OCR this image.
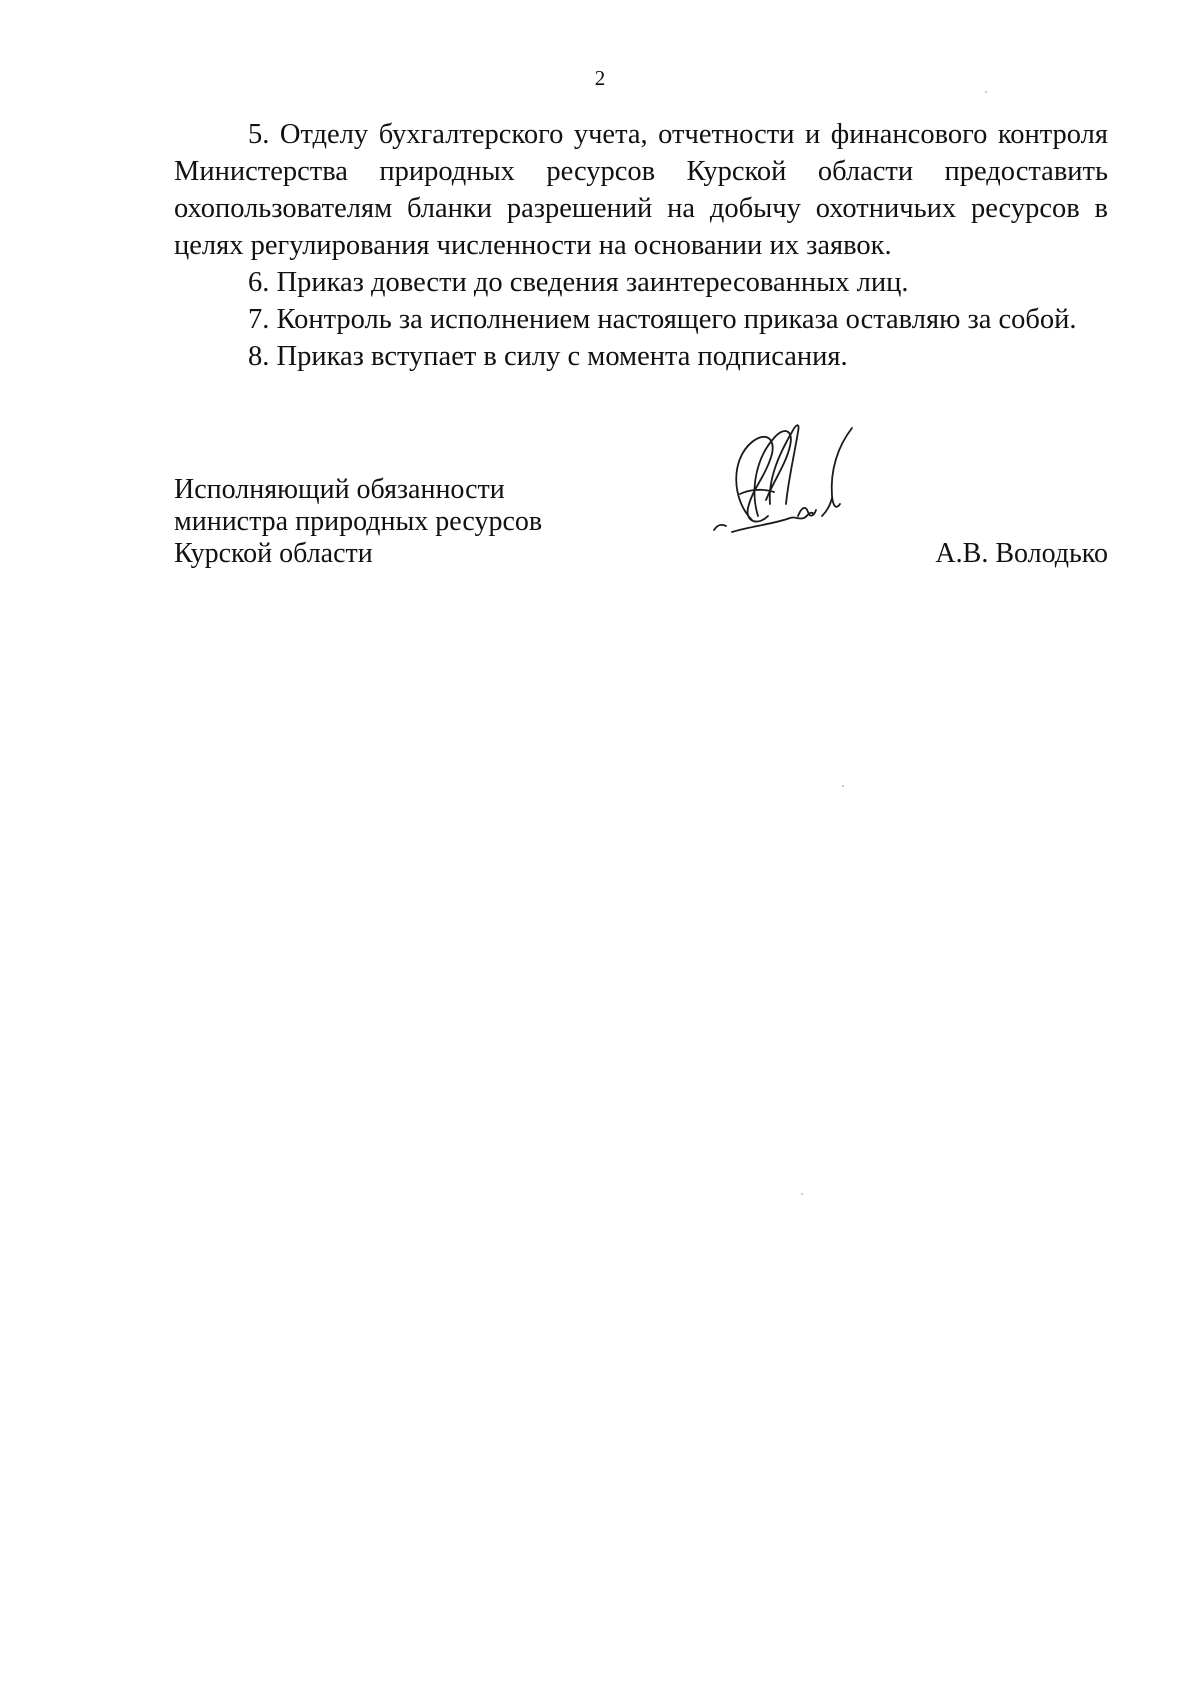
2

5. Отделу бухгалтерского учета, отчетности и финансового контроля Министерства природных ресурсов Курской области предоставить охопользователям бланки разрешений на добычу охотничьих ресурсов в целях регулирования численности на основании их заявок.

6. Приказ довести до сведения заинтересованных лиц.

7. Контроль за исполнением настоящего приказа оставляю за собой.

8. Приказ вступает в силу с момента подписания.

Исполняющий обязанности
министра природных ресурсов
Курской области	А.В. Володько
